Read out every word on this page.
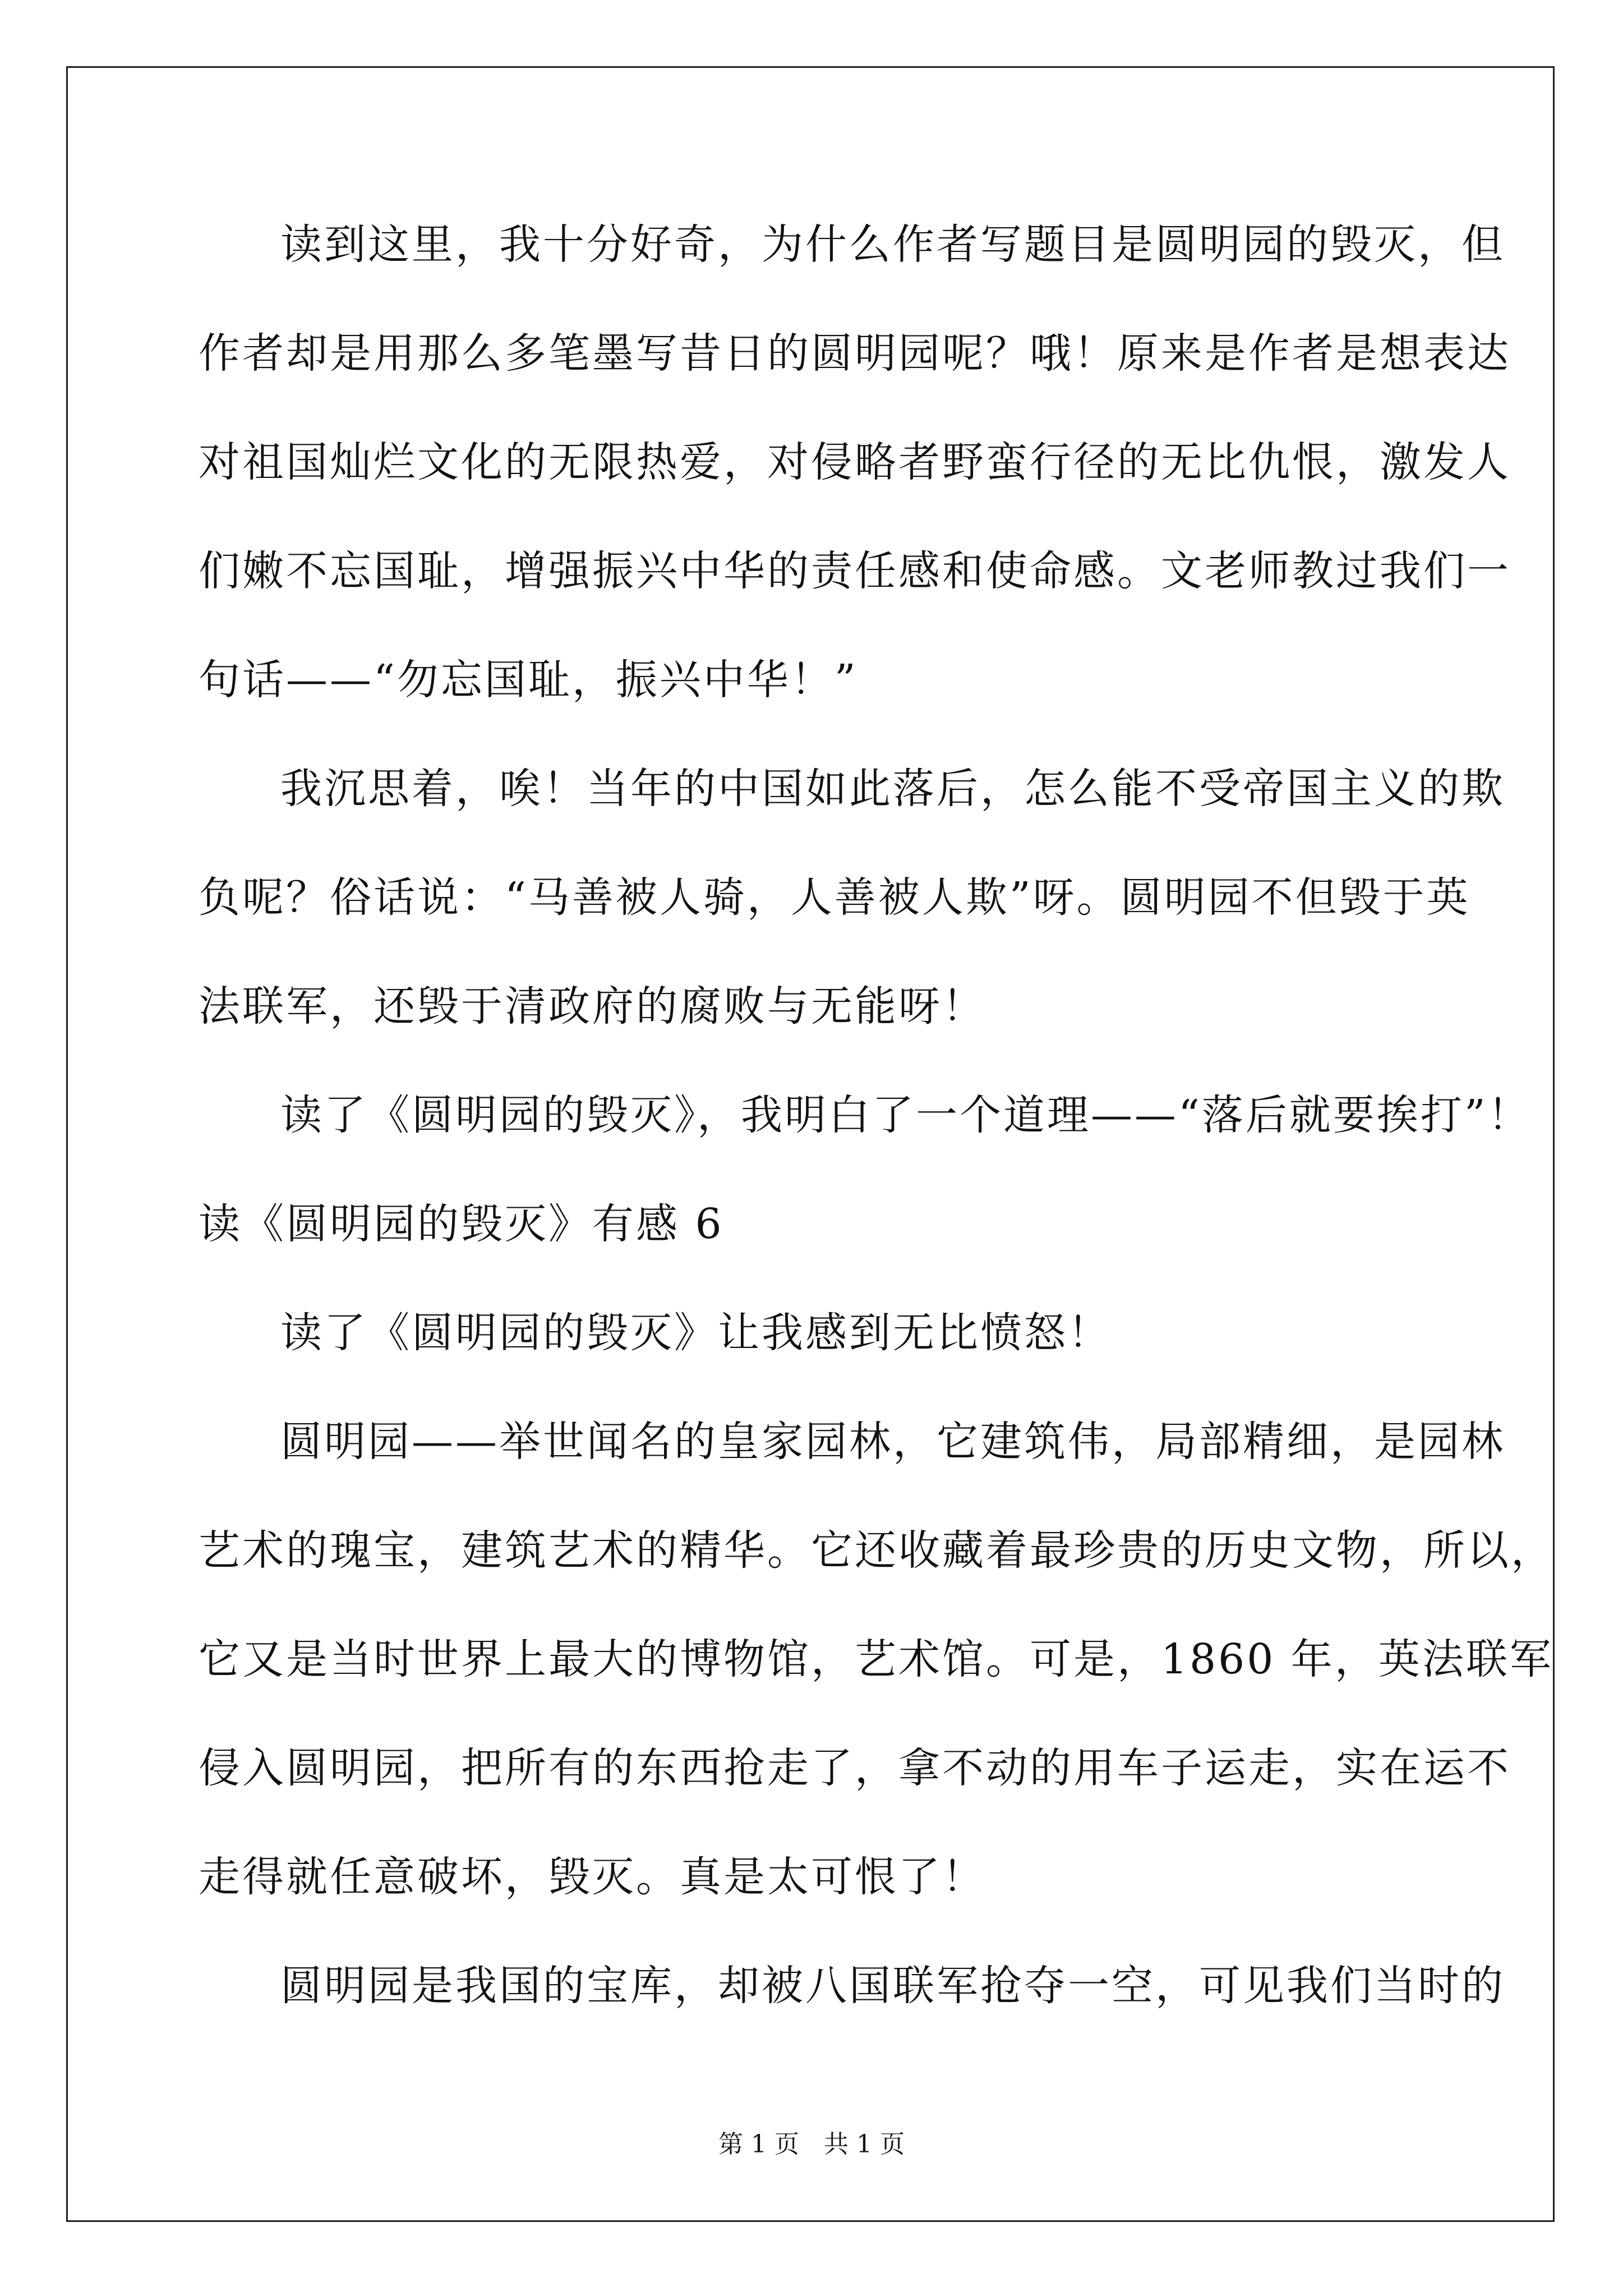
读到这里，我十分好奇，为什么作者写题目是圆明园的毁灭，但
作者却是用那么多笔墨写昔日的圆明园呢？哦！原来是作者是想表达
对祖国灿烂文化的无限热爱，对侵略者野蛮行径的无比仇恨，激发人
们嫩不忘国耻，增强振兴中华的责任感和使命感。文老师教过我们一
句话——“勿忘国耻，振兴中华！”
我沉思着，唉！当年的中国如此落后，怎么能不受帝国主义的欺
负呢？俗话说：“马善被人骑，人善被人欺”呀。圆明园不但毁于英
法联军，还毁于清政府的腐败与无能呀！
读了《圆明园的毁灭》，我明白了一个道理——“落后就要挨打”！
读《圆明园的毁灭》有感 6
读了《圆明园的毁灭》让我感到无比愤怒！
圆明园——举世闻名的皇家园林，它建筑伟，局部精细，是园林
艺术的瑰宝，建筑艺术的精华。它还收藏着最珍贵的历史文物，所以，
它又是当时世界上最大的博物馆，艺术馆。可是，1860 年，英法联军
侵入圆明园，把所有的东西抢走了，拿不动的用车子运走，实在运不
走得就任意破坏，毁灭。真是太可恨了！
圆明园是我国的宝库，却被八国联军抢夺一空，可见我们当时的
第 1 页　共 1 页
